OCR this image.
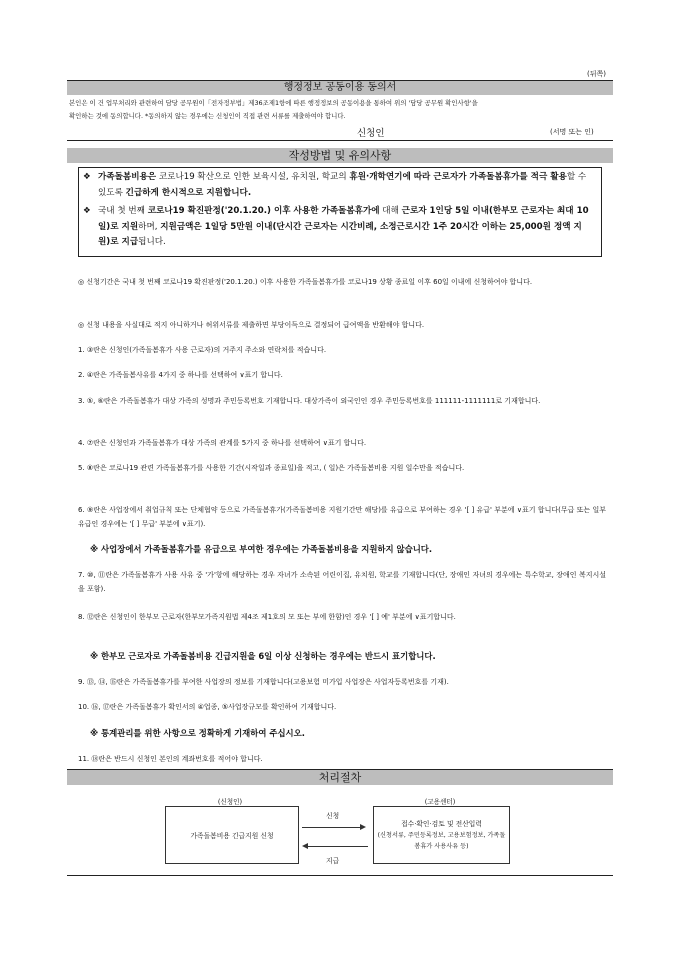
(뒤쪽)
행정정보 공동이용 동의서
본인은 이 건 업무처리와 관련하여 담당 공무원이「전자정부법」제36조제1항에 따른 행정정보의 공동이용을 통하여 위의 '담당 공무원 확인사항'을
확인하는 것에 동의합니다. *동의하지 않는 경우에는 신청인이 직접 관련 서류를 제출하여야 합니다.
신청인	(서명 또는 인)
작성방법 및 유의사항
❖ 가족돌봄비용은 코로나19 확산으로 인한 보육시설, 유치원, 학교의 휴원·개학연기에 따라 근로자가 가족돌봄휴가를 적극 활용할 수 있도록 긴급하게 한시적으로 지원합니다.
❖ 국내 첫 번째 코로나19 확진판정('20.1.20.) 이후 사용한 가족돌봄휴가에 대해 근로자 1인당 5일 이내(한부모 근로자는 최대 10일)로 지원하며, 지원금액은 1일당 5만원 이내(단시간 근로자는 시간비례, 소정근로시간 1주 20시간 이하는 25,000원 정액 지원)로 지급됩니다.
◎ 신청기간은 국내 첫 번째 코로나19 확진판정('20.1.20.) 이후 사용한 가족돌봄휴가를 코로나19 상황 종료일 이후 60일 이내에 신청하여야 합니다.
◎ 신청 내용을 사실대로 적지 아니하거나 허위서류를 제출하면 부당이득으로 결정되어 급여액을 반환해야 합니다.
1. ③란은 신청인(가족돌봄휴가 사용 근로자)의 거주지 주소와 연락처를 적습니다.
2. ④란은 가족돌봄사유를 4가지 중 하나를 선택하여 ∨표기 합니다.
3. ⑤, ⑥란은 가족돌봄휴가 대상 가족의 성명과 주민등록번호 기재합니다. 대상가족이 외국인인 경우 주민등록번호를 111111-1111111로 기재합니다.
4. ⑦란은 신청인과 가족돌봄휴가 대상 가족의 관계를 5가지 중 하나를 선택하여 ∨표기 합니다.
5. ⑧란은 코로나19 관련 가족돌봄휴가를 사용한 기간(시작일과 종료일)을 적고, ( 일)은 가족돌봄비용 지원 일수만을 적습니다.
6. ⑨란은 사업장에서 취업규칙 또는 단체협약 등으로 가족돌봄휴가(가족돌봄비용 지원기간만 해당)를 유급으로 부여하는 경우 '[ ] 유급' 부분에 ∨표기 합니다(무급 또는 일부 유급인 경우에는 '[ ] 무급' 부분에 ∨표기).
※ 사업장에서 가족돌봄휴가를 유급으로 부여한 경우에는 가족돌봄비용을 지원하지 않습니다.
7. ⑩, ⑪란은 가족돌봄휴가 사용 사유 중 '가'항에 해당하는 경우 자녀가 소속된 어린이집, 유치원, 학교를 기재합니다(단, 장애인 자녀의 경우에는 특수학교, 장애인 복지시설을 포함).
8. ⑫란은 신청인이 한부모 근로자(한부모가족지원법 제4조 제1호의 모 또는 부에 한함)인 경우 '[ ] 예' 부분에 ∨표기합니다.
※ 한부모 근로자로 가족돌봄비용 긴급지원을 6일 이상 신청하는 경우에는 반드시 표기합니다.
9. ⑬, ⑭, ⑮란은 가족돌봄휴가를 부여한 사업장의 정보를 기재합니다(고용보험 미가입 사업장은 사업자등록번호를 기재).
10. ⑯, ⑰란은 가족돌봄휴가 확인서의 ④업종, ⑤사업장규모를 확인하여 기재합니다.
※ 통계관리를 위한 사항으로 정확하게 기재하여 주십시오.
11. ⑱란은 반드시 신청인 본인의 계좌번호를 적어야 합니다.
처리절차
(신청인)	(고용센터)
가족돌봄비용 긴급지원 신청
접수·확인·검토 및 전산입력
(신청서류, 주민등록정보, 고용보험정보, 가족돌봄휴가 사용사유 등)
신청
지급
